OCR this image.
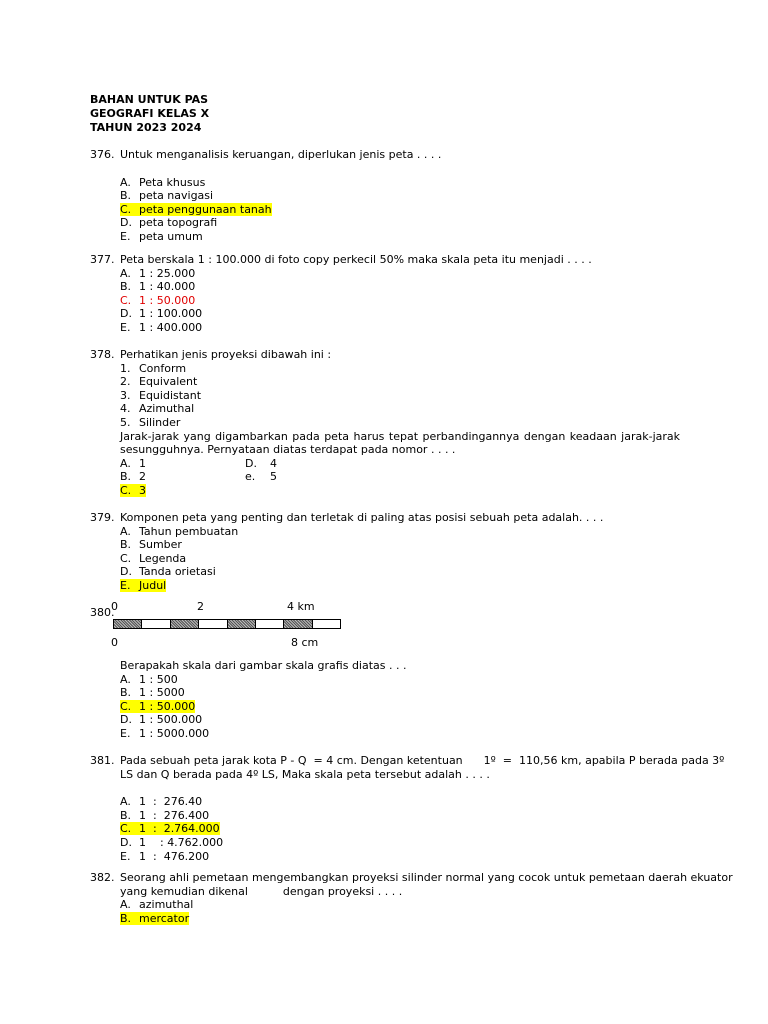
BAHAN UNTUK PAS
GEOGRAFI KELAS X
TAHUN 2023 2024
376. Untuk menganalisis keruangan, diperlukan jenis peta . . . .
A. Peta khusus
B. peta navigasi
C. peta penggunaan tanah
D. peta topografi
E. peta umum
377. Peta berskala 1 : 100.000 di foto copy perkecil 50% maka skala peta itu menjadi . . . .
A. 1 : 25.000
B. 1 : 40.000
C. 1 : 50.000
D. 1 : 100.000
E. 1 : 400.000
378. Perhatikan jenis proyeksi dibawah ini :
1. Conform
2. Equivalent
3. Equidistant
4. Azimuthal
5. Silinder
Jarak-jarak yang digambarkan pada peta harus tepat perbandingannya dengan keadaan jarak-jarak sesungguhnya. Pernyataan diatas terdapat pada nomor . . . .
A. 1	D. 4
B. 2	e. 5
C. 3
379. Komponen peta yang penting dan terletak di paling atas posisi sebuah peta adalah. . . .
A. Tahun pembuatan
B. Sumber
C. Legenda
D. Tanda orietasi
E. Judul
380.
0	2	4 km
0	8 cm
Berapakah skala dari gambar skala grafis diatas . . .
A. 1 : 500
B. 1 : 5000
C. 1 : 50.000
D. 1 : 500.000
E. 1 : 5000.000
381. Pada sebuah peta jarak kota P - Q  = 4 cm. Dengan ketentuan      1º  =  110,56 km, apabila P berada pada 3º
LS dan Q berada pada 4º LS, Maka skala peta tersebut adalah . . . .
A. 1  :  276.40
B. 1  :  276.400
C. 1  :  2.764.000
D. 1    : 4.762.000
E. 1  :  476.200
382. Seorang ahli pemetaan mengembangkan proyeksi silinder normal yang cocok untuk pemetaan daerah ekuator
yang kemudian dikenal          dengan proyeksi . . . .
A. azimuthal
B. mercator
